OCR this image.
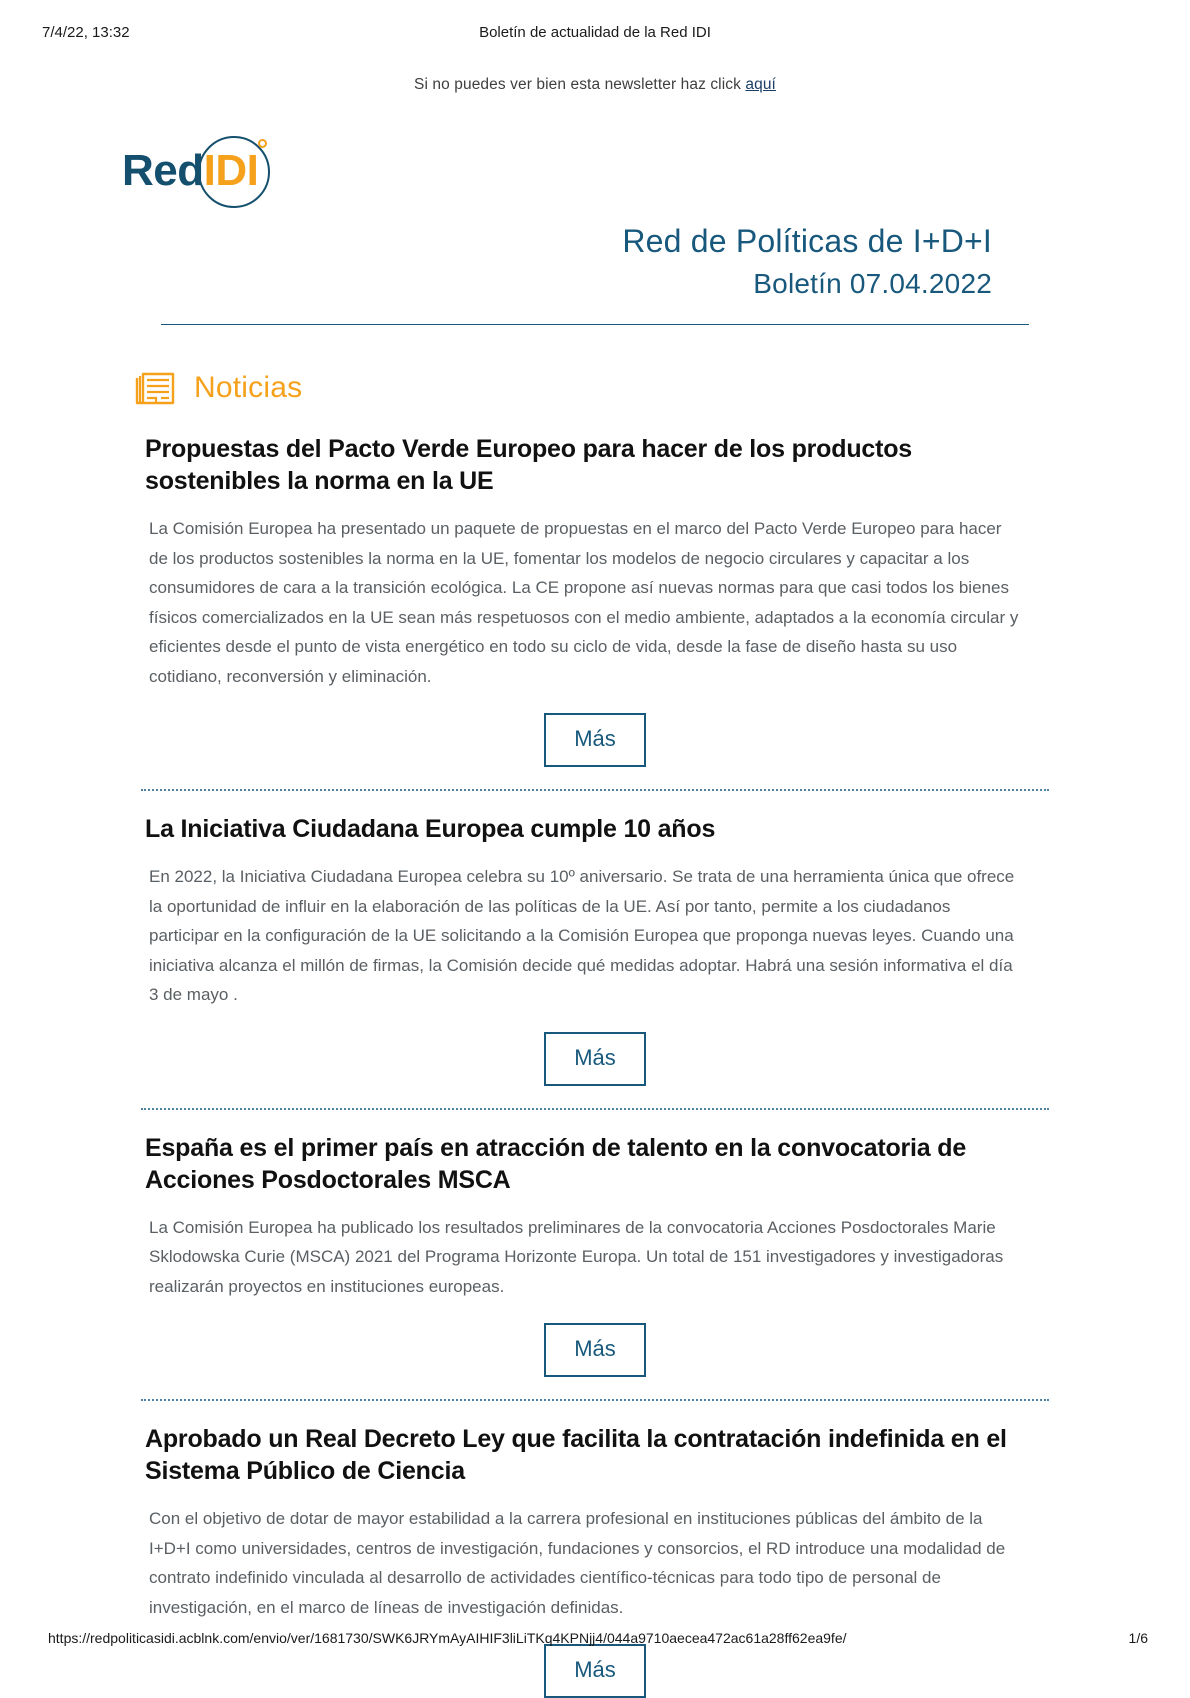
7/4/22, 13:32	Boletín de actualidad de la Red IDI
Si no puedes ver bien esta newsletter haz click aquí
RedIDI
Red de Políticas de I+D+I
Boletín 07.04.2022
Noticias
Propuestas del Pacto Verde Europeo para hacer de los productos sostenibles la norma en la UE
La Comisión Europea ha presentado un paquete de propuestas en el marco del Pacto Verde Europeo para hacer de los productos sostenibles la norma en la UE, fomentar los modelos de negocio circulares y capacitar a los consumidores de cara a la transición ecológica. La CE propone así nuevas normas para que casi todos los bienes físicos comercializados en la UE sean más respetuosos con el medio ambiente, adaptados a la economía circular y eficientes desde el punto de vista energético en todo su ciclo de vida, desde la fase de diseño hasta su uso cotidiano, reconversión y eliminación.
Más
La Iniciativa Ciudadana Europea cumple 10 años
En 2022, la Iniciativa Ciudadana Europea celebra su 10º aniversario. Se trata de una herramienta única que ofrece la oportunidad de influir en la elaboración de las políticas de la UE. Así por tanto, permite a los ciudadanos participar en la configuración de la UE solicitando a la Comisión Europea que proponga nuevas leyes. Cuando una iniciativa alcanza el millón de firmas, la Comisión decide qué medidas adoptar. Habrá una sesión informativa el día 3 de mayo .
Más
España es el primer país en atracción de talento en la convocatoria de Acciones Posdoctorales MSCA
La Comisión Europea ha publicado los resultados preliminares de la convocatoria Acciones Posdoctorales Marie Sklodowska Curie (MSCA) 2021 del Programa Horizonte Europa. Un total de 151 investigadores y investigadoras realizarán proyectos en instituciones europeas.
Más
Aprobado un Real Decreto Ley que facilita la contratación indefinida en el Sistema Público de Ciencia
Con el objetivo de dotar de mayor estabilidad a la carrera profesional en instituciones públicas del ámbito de la I+D+I como universidades, centros de investigación, fundaciones y consorcios, el RD introduce una modalidad de contrato indefinido vinculada al desarrollo de actividades científico-técnicas para todo tipo de personal de investigación, en el marco de líneas de investigación definidas.
Más
https://redpoliticasidi.acblnk.com/envio/ver/1681730/SWK6JRYmAyAIHIF3liLiTKq4KPNjj4/044a9710aecea472ac61a28ff62ea9fe/	1/6
